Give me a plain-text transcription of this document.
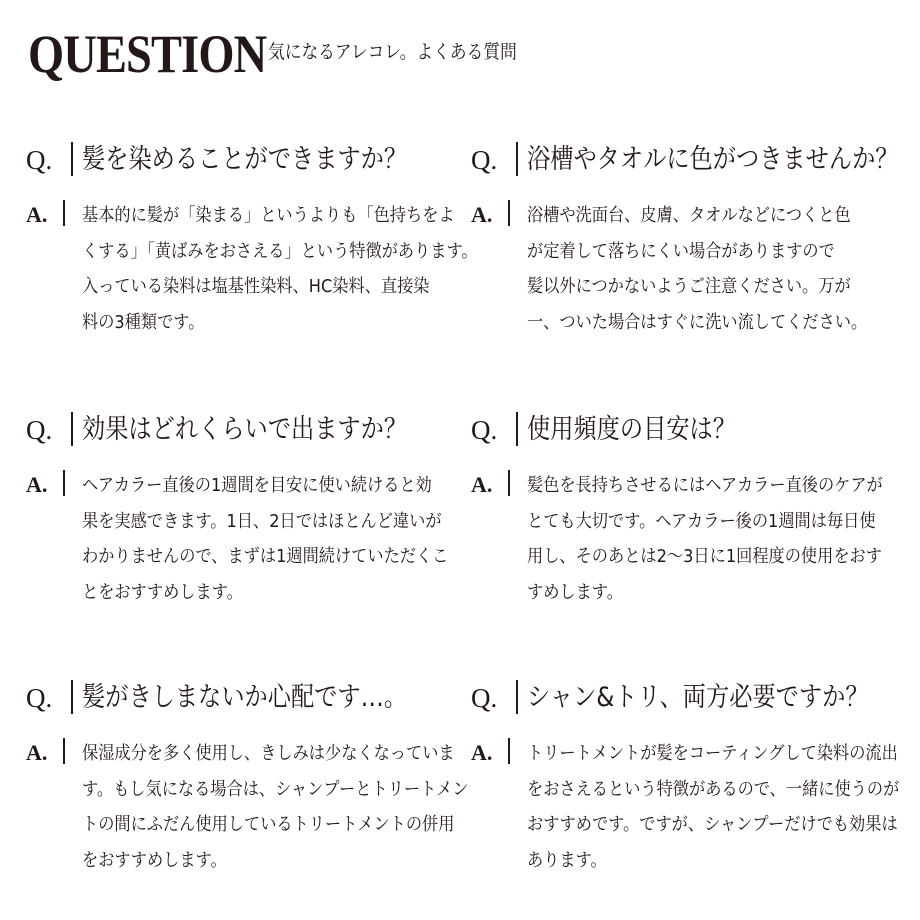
QUESTION 気になるアレコレ。よくある質問
Q. 髪を染めることができますか？
A. 基本的に髪が「染まる」というよりも「色持ちをよ
くする」「黄ばみをおさえる」という特徴があります。
入っている染料は塩基性染料、HC染料、直接染
料の3種類です。
Q. 浴槽やタオルに色がつきませんか？
A. 浴槽や洗面台、皮膚、タオルなどにつくと色
が定着して落ちにくい場合がありますので
髪以外につかないようご注意ください。万が
一、ついた場合はすぐに洗い流してください。
Q. 効果はどれくらいで出ますか？
A. ヘアカラー直後の1週間を目安に使い続けると効
果を実感できます。1日、2日ではほとんど違いが
わかりませんので、まずは1週間続けていただくこ
とをおすすめします。
Q. 使用頻度の目安は？
A. 髪色を長持ちさせるにはヘアカラー直後のケアが
とても大切です。ヘアカラー後の1週間は毎日使
用し、そのあとは2〜3日に1回程度の使用をおす
すめします。
Q. 髪がきしまないか心配です…。
A. 保湿成分を多く使用し、きしみは少なくなっていま
す。もし気になる場合は、シャンプーとトリートメン
トの間にふだん使用しているトリートメントの併用
をおすすめします。
Q. シャン&トリ、両方必要ですか？
A. トリートメントが髪をコーティングして染料の流出
をおさえるという特徴があるので、一緒に使うのが
おすすめです。ですが、シャンプーだけでも効果は
あります。
